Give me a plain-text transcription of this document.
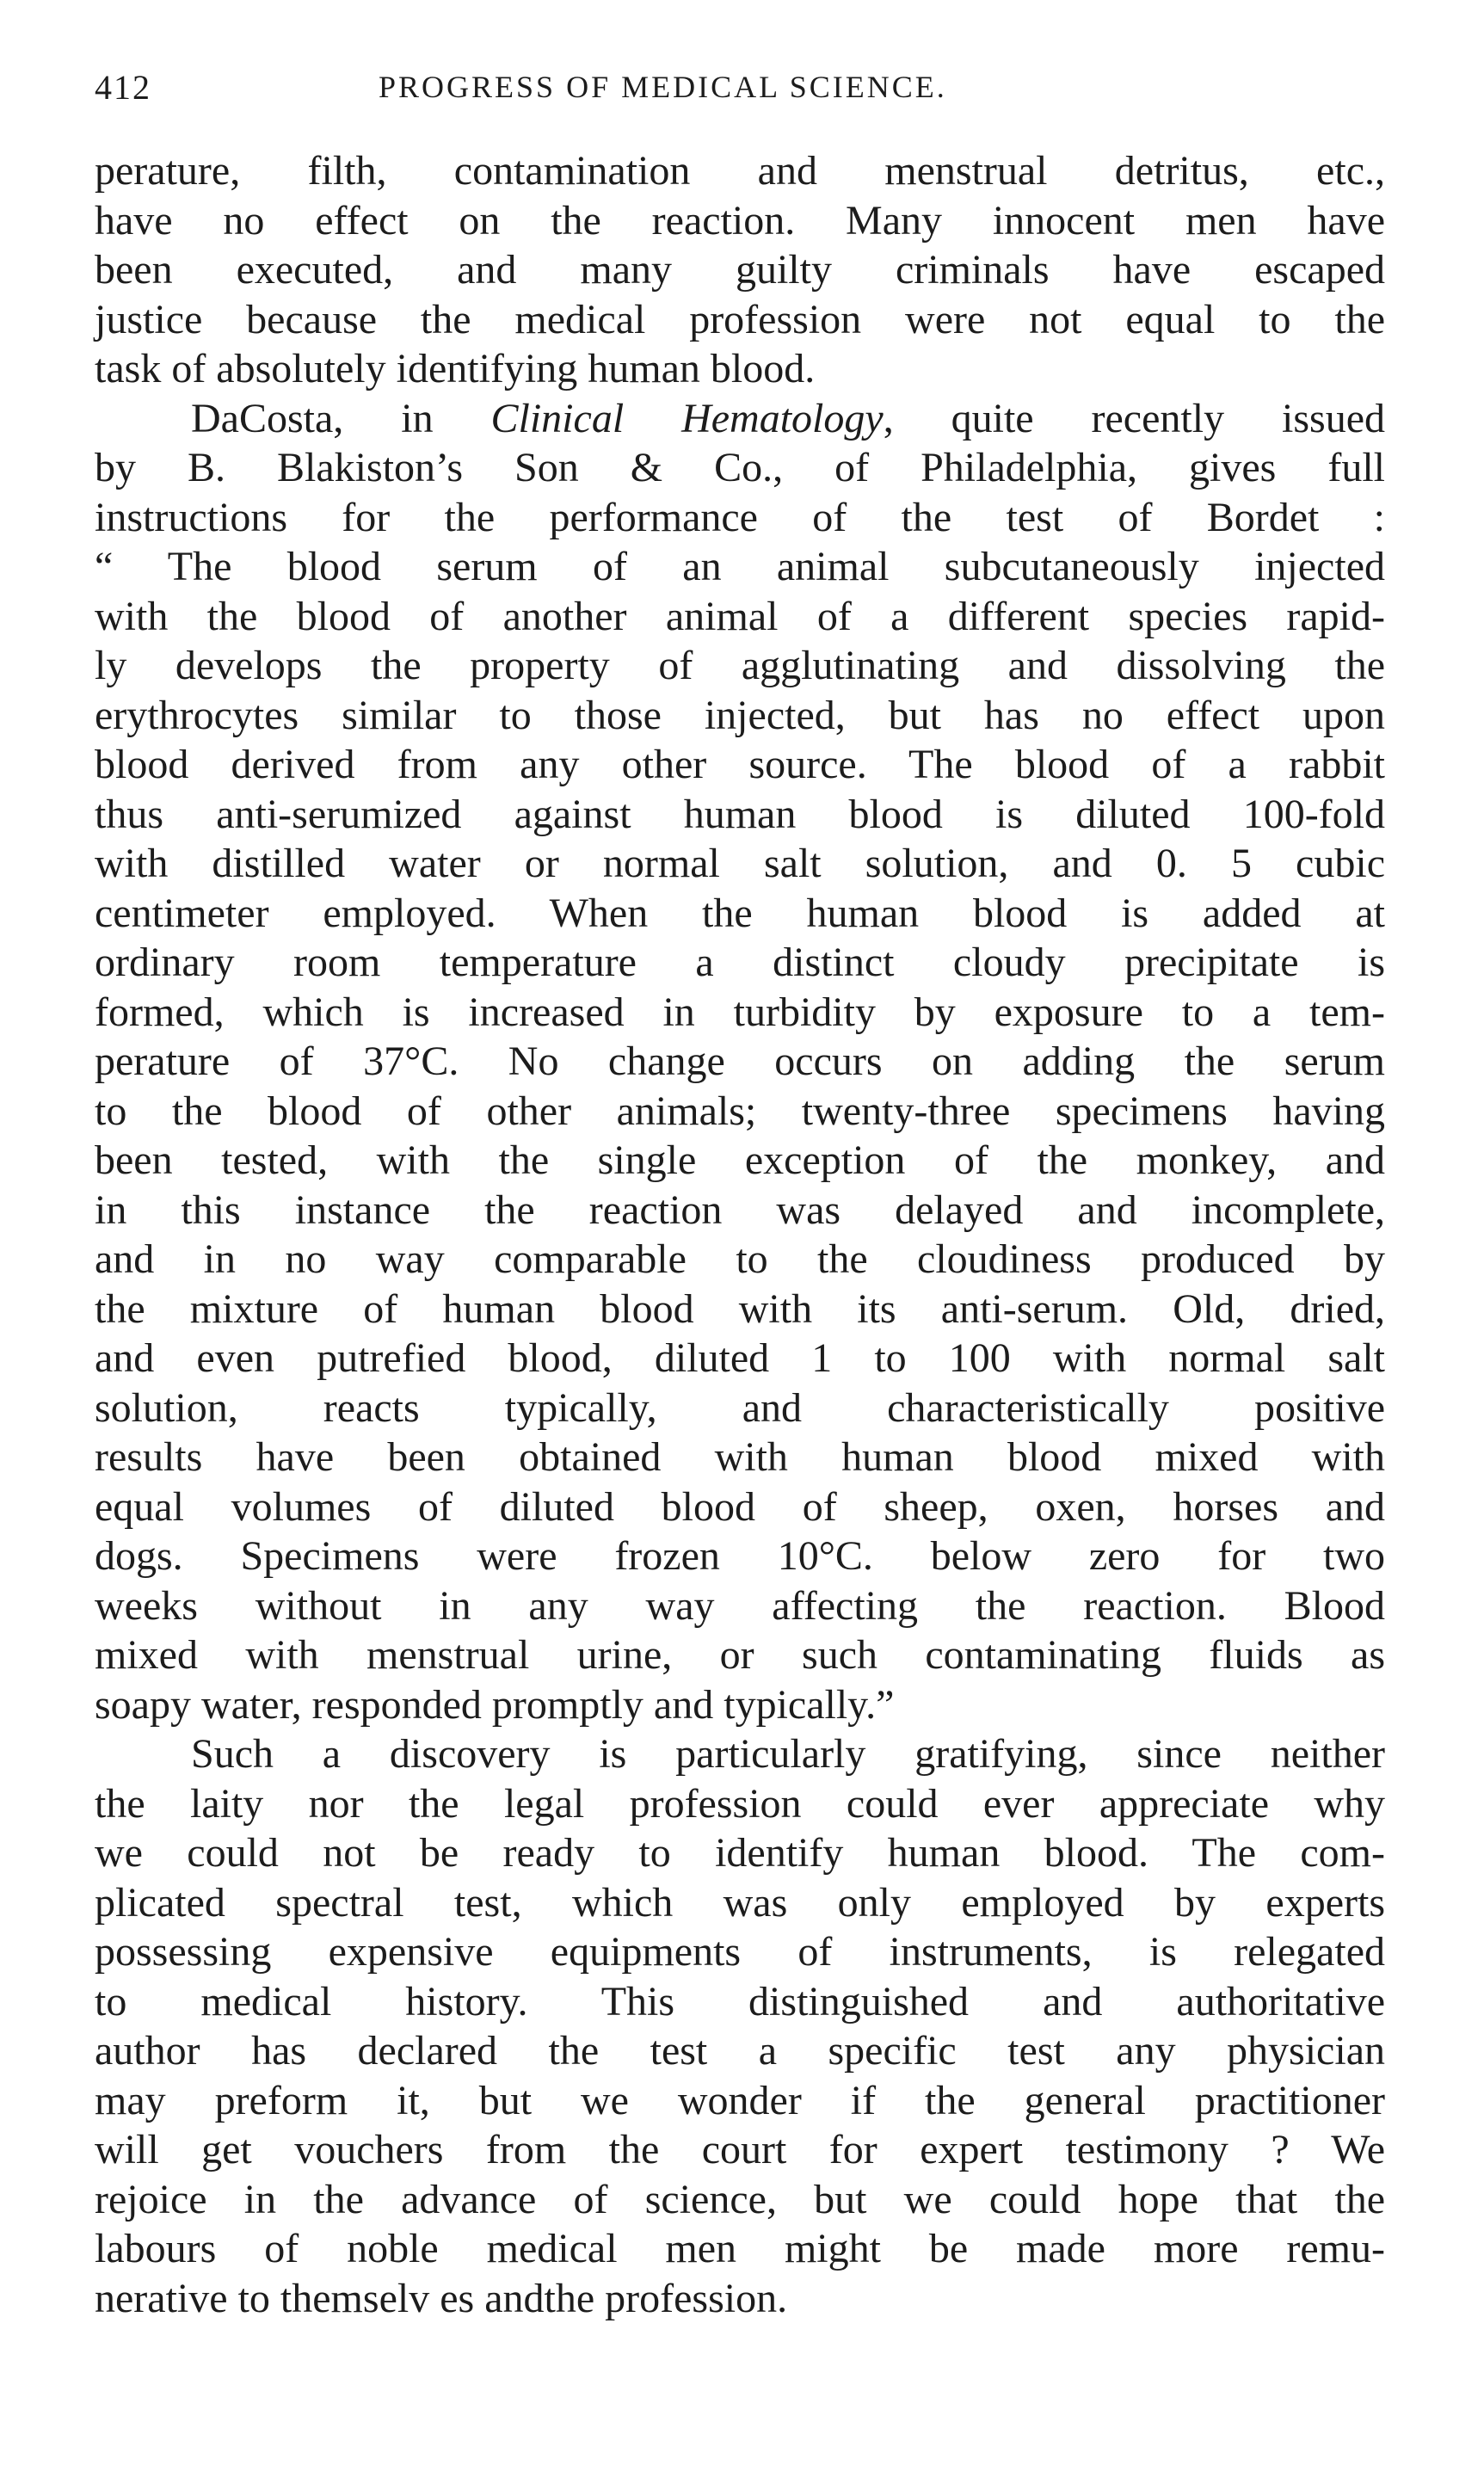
412	PROGRESS OF MEDICAL SCIENCE.
perature, filth, contamination and menstrual detritus, etc.,
have no effect on the reaction. Many innocent men have
been executed, and many guilty criminals have escaped
justice because the medical profession were not equal to the
task of absolutely identifying human blood.
DaCosta, in Clinical Hematology, quite recently issued
by B. Blakiston’s Son & Co., of Philadelphia, gives full
instructions for the performance of the test of Bordet :
“ The blood serum of an animal subcutaneously injected
with the blood of another animal of a different species rapid-
ly develops the property of agglutinating and dissolving the
erythrocytes similar to those injected, but has no effect upon
blood derived from any other source. The blood of a rabbit
thus anti-serumized against human blood is diluted 100-fold
with distilled water or normal salt solution, and 0. 5 cubic
centimeter employed. When the human blood is added at
ordinary room temperature a distinct cloudy precipitate is
formed, which is increased in turbidity by exposure to a tem-
perature of 37°C. No change occurs on adding the serum
to the blood of other animals; twenty-three specimens having
been tested, with the single exception of the monkey, and
in this instance the reaction was delayed and incomplete,
and in no way comparable to the cloudiness produced by
the mixture of human blood with its anti-serum. Old, dried,
and even putrefied blood, diluted 1 to 100 with normal salt
solution, reacts typically, and characteristically positive
results have been obtained with human blood mixed with
equal volumes of diluted blood of sheep, oxen, horses and
dogs. Specimens were frozen 10°C. below zero for two
weeks without in any way affecting the reaction. Blood
mixed with menstrual urine, or such contaminating fluids as
soapy water, responded promptly and typically.”
Such a discovery is particularly gratifying, since neither
the laity nor the legal profession could ever appreciate why
we could not be ready to identify human blood. The com-
plicated spectral test, which was only employed by experts
possessing expensive equipments of instruments, is relegated
to medical history. This distinguished and authoritative
author has declared the test a specific test any physician
may preform it, but we wonder if the general practitioner
will get vouchers from the court for expert testimony ? We
rejoice in the advance of science, but we could hope that the
labours of noble medical men might be made more remu-
nerative to themselv es andthe profession.
